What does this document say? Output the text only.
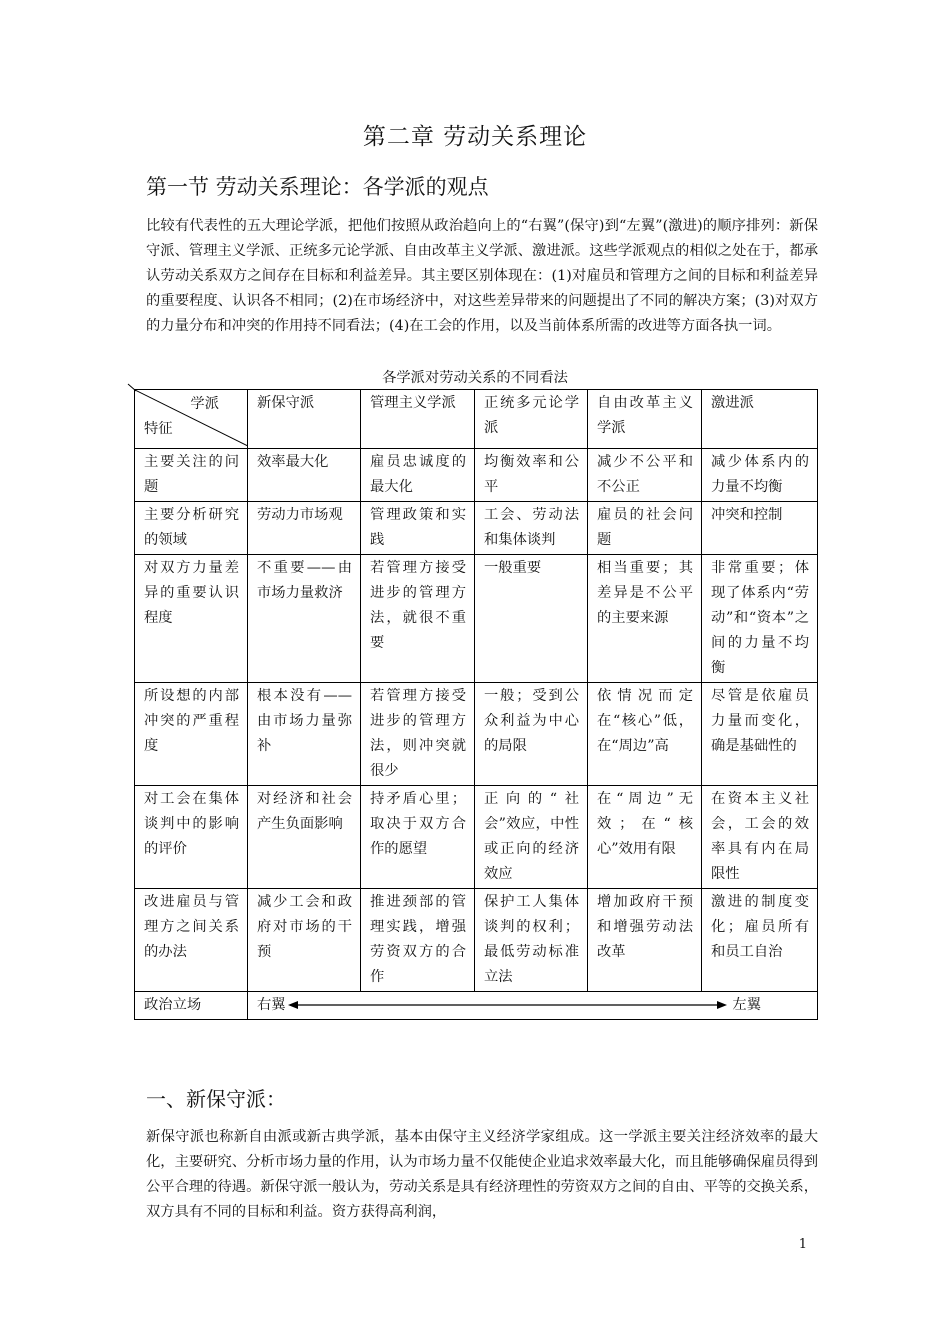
第二章 劳动关系理论
第一节 劳动关系理论：各学派的观点
比较有代表性的五大理论学派，把他们按照从政治趋向上的“右翼”(保守)到“左翼”(激进)的顺序排列：新保守派、管理主义学派、正统多元论学派、自由改革主义学派、激进派。这些学派观点的相似之处在于，都承认劳动关系双方之间存在目标和利益差异。其主要区别体现在：(1)对雇员和管理方之间的目标和利益差异的重要程度、认识各不相同；(2)在市场经济中，对这些差异带来的问题提出了不同的解决方案；(3)对双方的力量分布和冲突的作用持不同看法；(4)在工会的作用，以及当前体系所需的改进等方面各执一词。
各学派对劳动关系的不同看法
学派
特征	新保守派	管理主义学派	正统多元论学派	自由改革主义学派	激进派
主要关注的问题	效率最大化	雇员忠诚度的最大化	均衡效率和公平	减少不公平和不公正	减少体系内的力量不均衡
主要分析研究的领域	劳动力市场观	管理政策和实践	工会、劳动法和集体谈判	雇员的社会问题	冲突和控制
对双方力量差异的重要认识程度	不重要——由市场力量救济	若管理方接受进步的管理方法，就很不重要	一般重要	相当重要；其差异是不公平的主要来源	非常重要；体现了体系内“劳动”和“资本”之间的力量不均衡
所设想的内部冲突的严重程度	根本没有——由市场力量弥补	若管理方接受进步的管理方法，则冲突就很少	一般；受到公众利益为中心的局限	依情况而定在“核心”低，在“周边”高	尽管是依雇员力量而变化，确是基础性的
对工会在集体谈判中的影响的评价	对经济和社会产生负面影响	持矛盾心里；取决于双方合作的愿望	正向的“社会”效应，中性或正向的经济效应	在“周边”无效；在“核心”效用有限	在资本主义社会，工会的效率具有内在局限性
改进雇员与管理方之间关系的办法	减少工会和政府对市场的干预	推进颈部的管理实践，增强劳资双方的合作	保护工人集体谈判的权利；最低劳动标准立法	增加政府干预和增强劳动法改革	激进的制度变化；雇员所有和员工自治
政治立场	右翼 左翼				
一、新保守派：
新保守派也称新自由派或新古典学派，基本由保守主义经济学家组成。这一学派主要关注经济效率的最大化，主要研究、分析市场力量的作用，认为市场力量不仅能使企业追求效率最大化，而且能够确保雇员得到公平合理的待遇。新保守派一般认为，劳动关系是具有经济理性的劳资双方之间的自由、平等的交换关系，双方具有不同的目标和利益。资方获得高利润，
1
